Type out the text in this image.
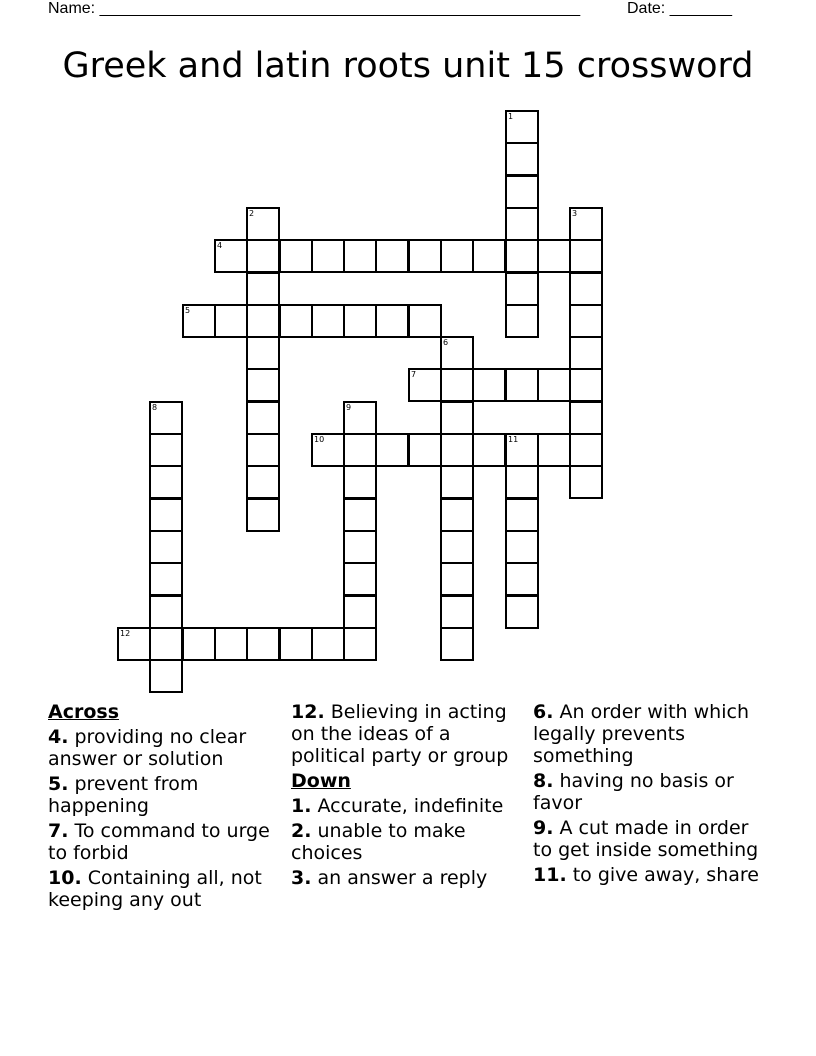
Name: ______________________________________________________	Date: _______
Greek and latin roots unit 15 crossword
1
2	3
4
5
6
7
8	9
10	11
12
Across
4. providing no clear answer or solution
5. prevent from happening
7. To command to urge to forbid
10. Containing all, not keeping any out
12. Believing in acting on the ideas of a political party or group
Down
1. Accurate, indefinite
2. unable to make choices
3. an answer a reply
6. An order with which legally prevents something
8. having no basis or favor
9. A cut made in order to get inside something
11. to give away, share
